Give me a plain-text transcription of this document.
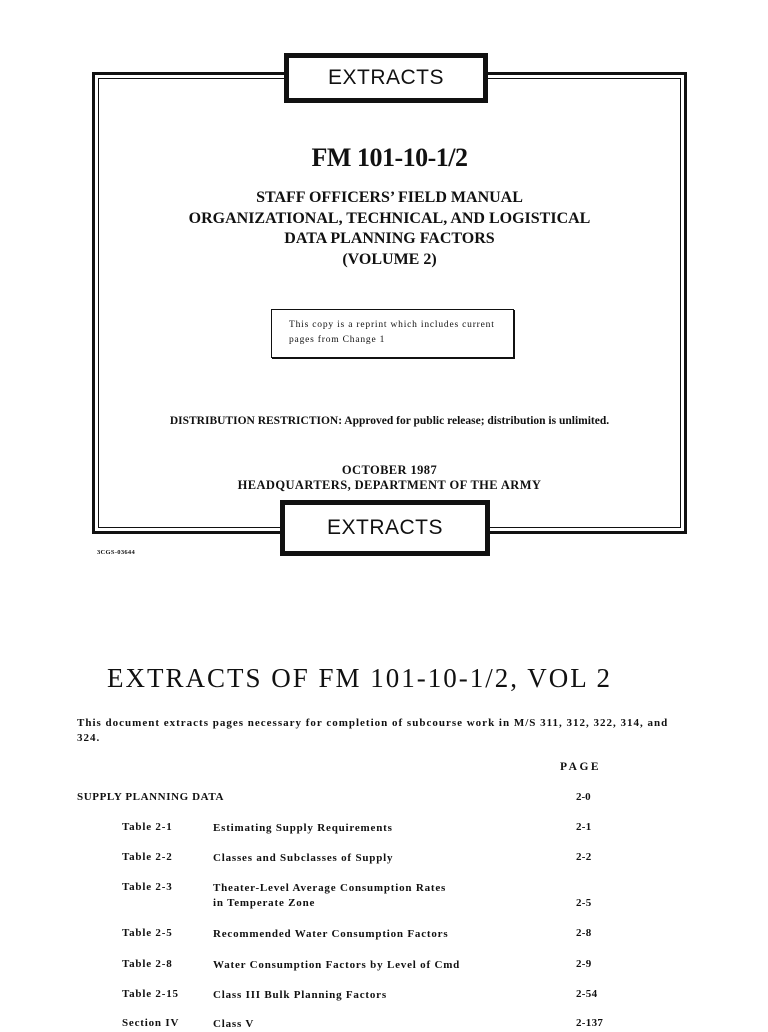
EXTRACTS
FM 101-10-1/2
STAFF OFFICERS’ FIELD MANUAL
ORGANIZATIONAL, TECHNICAL, AND LOGISTICAL
DATA PLANNING FACTORS
(VOLUME 2)
This copy is a reprint which includes current
pages from Change 1
DISTRIBUTION RESTRICTION: Approved for public release; distribution is unlimited.
OCTOBER 1987
HEADQUARTERS, DEPARTMENT OF THE ARMY
EXTRACTS
3CGS-03644
EXTRACTS OF FM 101-10-1/2, VOL 2
This document extracts pages necessary for completion of subcourse work in M/S 311, 312, 322, 314, and 324.
PAGE
SUPPLY PLANNING DATA	2-0
Table 2-1	Estimating Supply Requirements	2-1
Table 2-2	Classes and Subclasses of Supply	2-2
Table 2-3	Theater-Level Average Consumption Rates
in Temperate Zone	2-5
Table 2-5	Recommended Water Consumption Factors	2-8
Table 2-8	Water Consumption Factors by Level of Cmd	2-9
Table 2-15	Class III Bulk Planning Factors	2-54
Section IV	Class V	2-137
